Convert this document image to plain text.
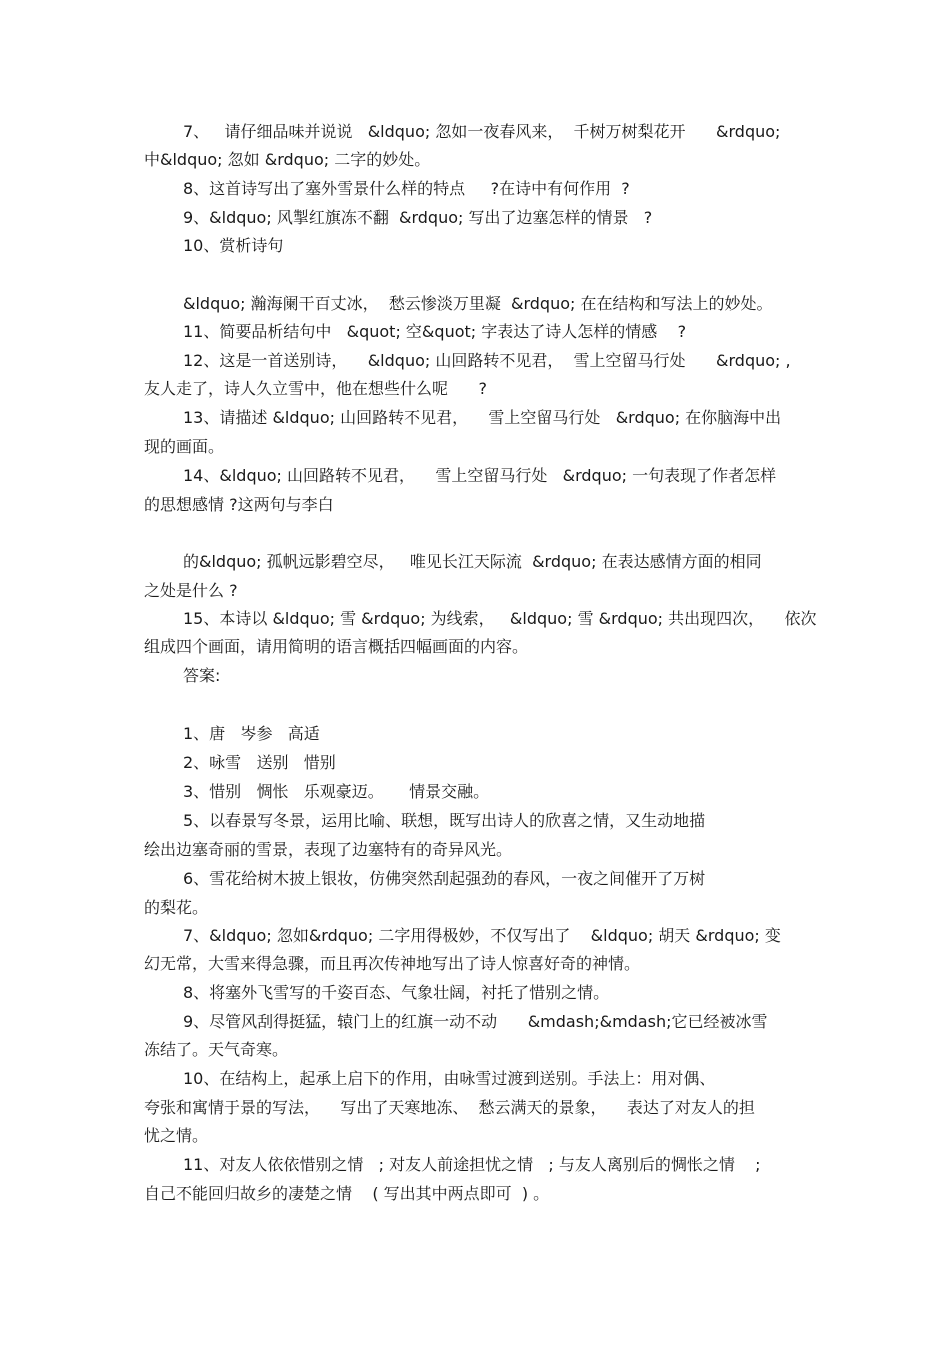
7、   请仔细品味并说说   &ldquo; 忽如一夜春风来，  千树万树梨花开      &rdquo;
中&ldquo; 忽如 &rdquo; 二字的妙处。
8、这首诗写出了塞外雪景什么样的特点     ?在诗中有何作用  ?
9、&ldquo; 风掣红旗冻不翻  &rdquo; 写出了边塞怎样的情景   ?
10、赏析诗句
&ldquo; 瀚海阑干百丈冰，  愁云惨淡万里凝  &rdquo; 在在结构和写法上的妙处。
11、简要品析结句中   &quot; 空&quot; 字表达了诗人怎样的情感    ?
12、这是一首送别诗，    &ldquo; 山回路转不见君，  雪上空留马行处      &rdquo; ,
友人走了，诗人久立雪中，他在想些什么呢      ?
13、请描述 &ldquo; 山回路转不见君，    雪上空留马行处   &rdquo; 在你脑海中出
现的画面。
14、&ldquo; 山回路转不见君，    雪上空留马行处   &rdquo; 一句表现了作者怎样
的思想感情 ?这两句与李白
的&ldquo; 孤帆远影碧空尽，   唯见长江天际流  &rdquo; 在表达感情方面的相同
之处是什么 ?
15、本诗以 &ldquo; 雪 &rdquo; 为线索，   &ldquo; 雪 &rdquo; 共出现四次，    依次
组成四个画面，请用简明的语言概括四幅画面的内容。
答案:
1、唐   岑参   高适
2、咏雪   送别   惜别
3、惜别   惆怅   乐观豪迈。     情景交融。
5、以春景写冬景，运用比喻、联想，既写出诗人的欣喜之情，又生动地描
绘出边塞奇丽的雪景，表现了边塞特有的奇异风光。
6、雪花给树木披上银妆，仿佛突然刮起强劲的春风，一夜之间催开了万树
的梨花。
7、&ldquo; 忽如&rdquo; 二字用得极妙，不仅写出了    &ldquo; 胡天 &rdquo; 变
幻无常，大雪来得急骤，而且再次传神地写出了诗人惊喜好奇的神情。
8、将塞外飞雪写的千姿百态、气象壮阔，衬托了惜别之情。
9、尽管风刮得挺猛，辕门上的红旗一动不动      &mdash;&mdash;它已经被冰雪
冻结了。天气奇寒。
10、在结构上，起承上启下的作用，由咏雪过渡到送别。手法上：用对偶、
夸张和寓情于景的写法，    写出了天寒地冻、  愁云满天的景象，    表达了对友人的担
忧之情。
11、对友人依依惜别之情   ; 对友人前途担忧之情   ; 与友人离别后的惆怅之情    ;
自己不能回归故乡的凄楚之情    ( 写出其中两点即可  ) 。
